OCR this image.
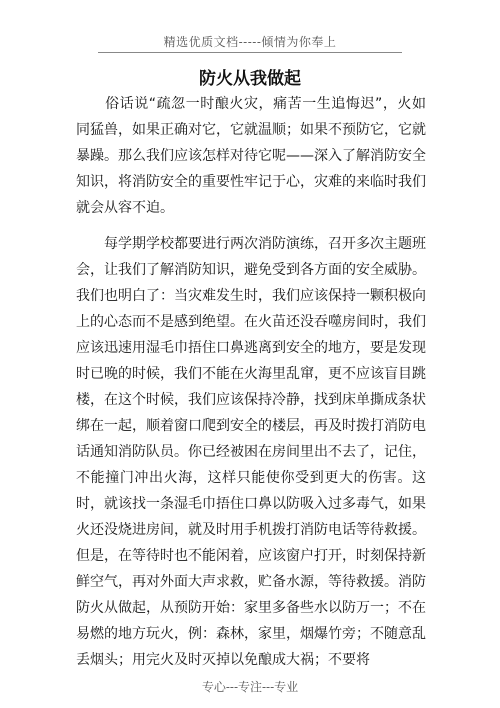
精选优质文档-----倾情为你奉上
防火从我做起

　　俗话说“疏忽一时酿火灾，痛苦一生追悔迟”，火如同猛兽，如果正确对它，它就温顺；如果不预防它，它就暴躁。那么我们应该怎样对待它呢——深入了解消防安全知识，将消防安全的重要性牢记于心，灾难的来临时我们就会从容不迫。

　　每学期学校都要进行两次消防演练，召开多次主题班会，让我们了解消防知识，避免受到各方面的安全威胁。我们也明白了：当灾难发生时，我们应该保持一颗积极向上的心态而不是感到绝望。在火苗还没吞噬房间时，我们应该迅速用湿毛巾捂住口鼻逃离到安全的地方，要是发现时已晚的时候，我们不能在火海里乱窜，更不应该盲目跳楼，在这个时候，我们应该保持冷静，找到床单撕成条状绑在一起，顺着窗口爬到安全的楼层，再及时拨打消防电话通知消防队员。你已经被困在房间里出不去了，记住，不能撞门冲出火海，这样只能使你受到更大的伤害。这时，就该找一条湿毛巾捂住口鼻以防吸入过多毒气，如果火还没烧进房间，就及时用手机拨打消防电话等待救援。但是，在等待时也不能闲着，应该窗户打开，时刻保持新鲜空气，再对外面大声求救，贮备水源，等待救援。消防防火从做起，从预防开始：家里多备些水以防万一；不在易燃的地方玩火，例：森林，家里，烟爆竹旁；不随意乱丢烟头；用完火及时灭掉以免酿成大祸；不要将

专心---专注---专业
